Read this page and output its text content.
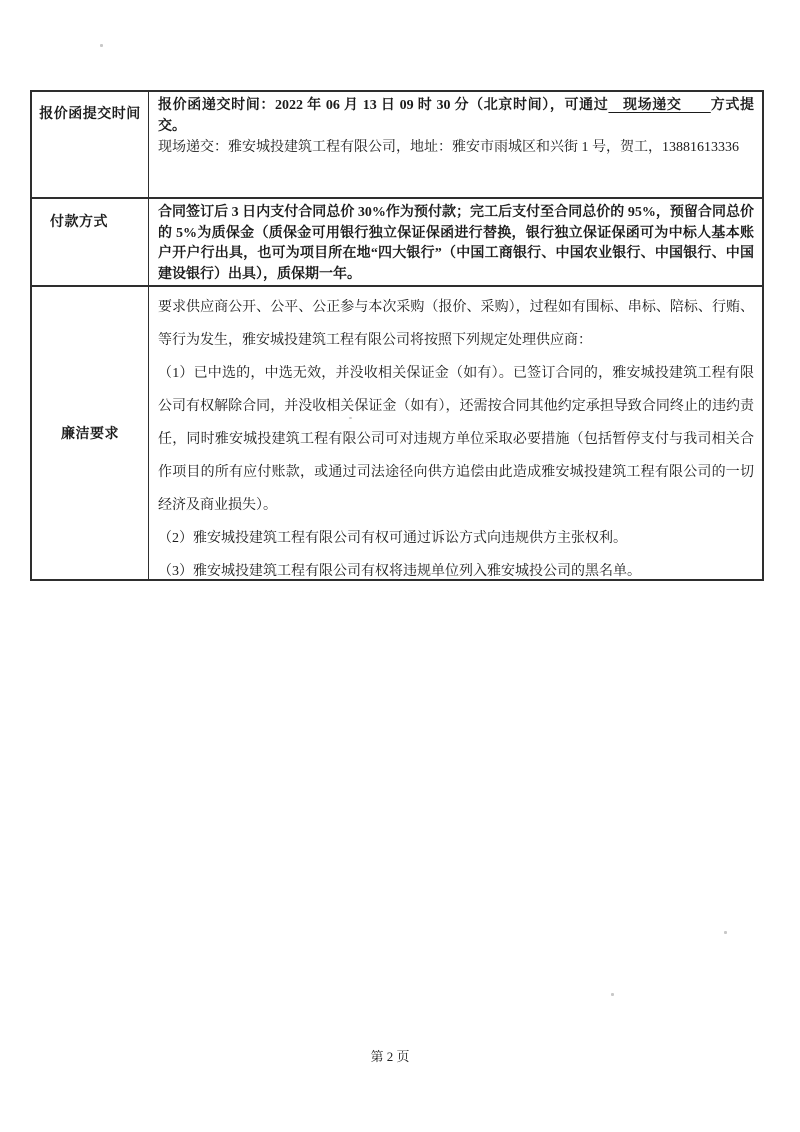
报价函提交时间

报价函递交时间：2022 年 06 月 13 日 09 时 30 分（北京时间），可通过　现场递交　　方式提交。

现场递交：雅安城投建筑工程有限公司，地址：雅安市雨城区和兴街 1 号，贺工，13881613336

付款方式

合同签订后 3 日内支付合同总价 30%作为预付款；完工后支付至合同总价的 95%，预留合同总价的 5%为质保金（质保金可用银行独立保证保函进行替换，银行独立保证保函可为中标人基本账户开户行出具，也可为项目所在地“四大银行”（中国工商银行、中国农业银行、中国银行、中国建设银行）出具），质保期一年。

廉洁要求

要求供应商公开、公平、公正参与本次采购（报价、采购），过程如有围标、串标、陪标、行贿、等行为发生，雅安城投建筑工程有限公司将按照下列规定处理供应商：

（1）已中选的，中选无效，并没收相关保证金（如有）。已签订合同的，雅安城投建筑工程有限公司有权解除合同，并没收相关保证金（如有），还需按合同其他约定承担导致合同终止的违约责任，同时雅安城投建筑工程有限公司可对违规方单位采取必要措施（包括暂停支付与我司相关合作项目的所有应付账款，或通过司法途径向供方追偿由此造成雅安城投建筑工程有限公司的一切经济及商业损失）。

（2）雅安城投建筑工程有限公司有权可通过诉讼方式向违规供方主张权利。

（3）雅安城投建筑工程有限公司有权将违规单位列入雅安城投公司的黑名单。

第 2 页
